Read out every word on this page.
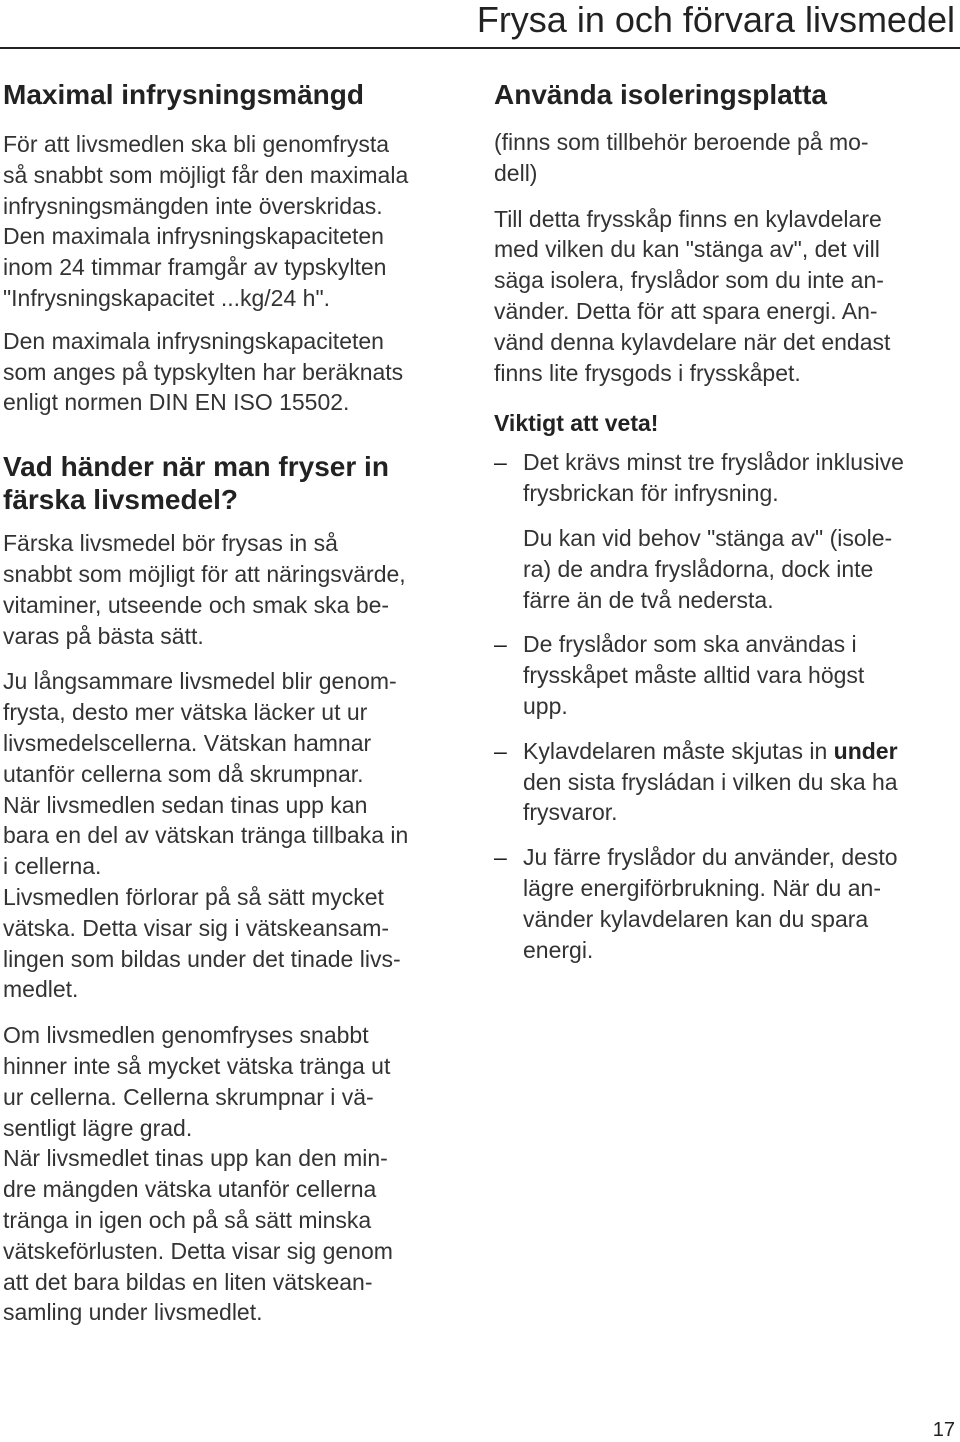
Frysa in och förvara livsmedel
Maximal infrysningsmängd

För att livsmedlen ska bli genomfrysta
så snabbt som möjligt får den maximala
infrysningsmängden inte överskridas.
Den maximala infrysningskapaciteten
inom 24 timmar framgår av typskylten
"Infrysningskapacitet ...kg/24 h".

Den maximala infrysningskapaciteten
som anges på typskylten har beräknats
enligt normen DIN EN ISO 15502.

Vad händer när man fryser in
färska livsmedel?

Färska livsmedel bör frysas in så
snabbt som möjligt för att näringsvärde,
vitaminer, utseende och smak ska be-
varas på bästa sätt.

Ju långsammare livsmedel blir genom-
frysta, desto mer vätska läcker ut ur
livsmedelscellerna. Vätskan hamnar
utanför cellerna som då skrumpnar.
När livsmedlen sedan tinas upp kan
bara en del av vätskan tränga tillbaka in
i cellerna.
Livsmedlen förlorar på så sätt mycket
vätska. Detta visar sig i vätskeansam-
lingen som bildas under det tinade livs-
medlet.

Om livsmedlen genomfryses snabbt
hinner inte så mycket vätska tränga ut
ur cellerna. Cellerna skrumpnar i vä-
sentligt lägre grad.
När livsmedlet tinas upp kan den min-
dre mängden vätska utanför cellerna
tränga in igen och på så sätt minska
vätskeförlusten. Detta visar sig genom
att det bara bildas en liten vätskean-
samling under livsmedlet.

Använda isoleringsplatta

(finns som tillbehör beroende på mo-
dell)

Till detta frysskåp finns en kylavdelare
med vilken du kan "stänga av", det vill
säga isolera, fryslådor som du inte an-
vänder. Detta för att spara energi. An-
vänd denna kylavdelare när det endast
finns lite frysgods i frysskåpet.

Viktigt att veta!
– Det krävs minst tre fryslådor inklusive
frysbrickan för infrysning.

Du kan vid behov "stänga av" (isole-
ra) de andra fryslådorna, dock inte
färre än de två nedersta.

– De fryslådor som ska användas i
frysskåpet måste alltid vara högst
upp.

– Kylavdelaren måste skjutas in under
den sista frysládan i vilken du ska ha
frysvaror.

– Ju färre fryslådor du använder, desto
lägre energiförbrukning. När du an-
vänder kylavdelaren kan du spara
energi.

17
